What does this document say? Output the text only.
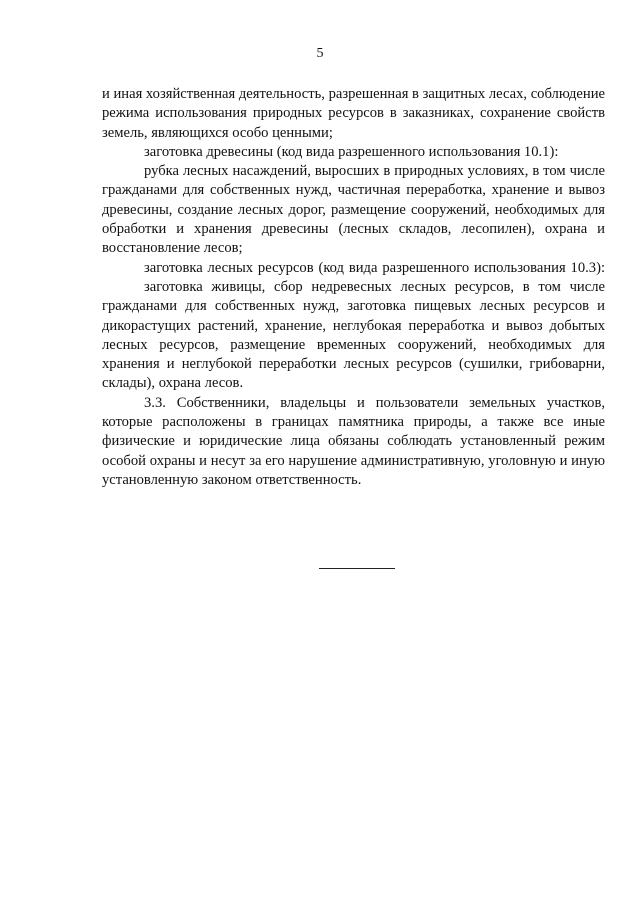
5

и иная хозяйственная деятельность, разрешенная в защитных лесах, соблюдение режима использования природных ресурсов в заказниках, сохранение свойств земель, являющихся особо ценными;

заготовка древесины (код вида разрешенного использования 10.1):

рубка лесных насаждений, выросших в природных условиях, в том числе гражданами для собственных нужд, частичная переработка, хранение и вывоз древесины, создание лесных дорог, размещение сооружений, необходимых для обработки и хранения древесины (лесных складов, лесопилен), охрана и восстановление лесов;

заготовка лесных ресурсов (код вида разрешенного использования 10.3):

заготовка живицы, сбор недревесных лесных ресурсов, в том числе гражданами для собственных нужд, заготовка пищевых лесных ресурсов и дикорастущих растений, хранение, неглубокая переработка и вывоз добытых лесных ресурсов, размещение временных сооружений, необходимых для хранения и неглубокой переработки лесных ресурсов (сушилки, грибоварни, склады), охрана лесов.

3.3. Собственники, владельцы и пользователи земельных участков, которые расположены в границах памятника природы, а также все иные физические и юридические лица обязаны соблюдать установленный режим особой охраны и несут за его нарушение административную, уголовную и иную установленную законом ответственность.
